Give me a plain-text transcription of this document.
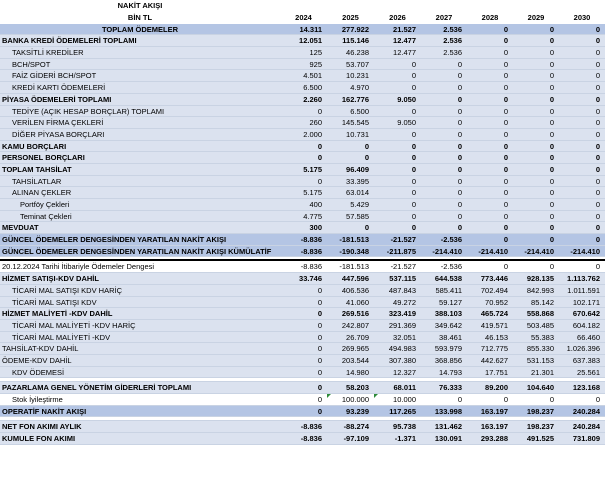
NAKİT AKIŞI
BİN TL	2024	2025	2026	2027	2028	2029	2030
TOPLAM ÖDEMELER	14.311	277.922	21.527	2.536	0	0	0
BANKA KREDİ ÖDEMELERİ TOPLAMI	12.051	115.146	12.477	2.536	0	0	0
TAKSİTLİ KREDİLER	125	46.238	12.477	2.536	0	0	0
BCH/SPOT	925	53.707	0	0	0	0	0
FAİZ GİDERİ BCH/SPOT	4.501	10.231	0	0	0	0	0
KREDİ KARTI ÖDEMELERİ	6.500	4.970	0	0	0	0	0
PİYASA ÖDEMELERİ TOPLAMI	2.260	162.776	9.050	0	0	0	0
TEDİYE (AÇIK HESAP BORÇLAR) TOPLAMI	0	6.500	0	0	0	0	0
VERİLEN FİRMA ÇEKLERİ	260	145.545	9.050	0	0	0	0
DİĞER PİYASA BORÇLARI	2.000	10.731	0	0	0	0	0
KAMU BORÇLARI	0	0	0	0	0	0	0
PERSONEL BORÇLARI	0	0	0	0	0	0	0
TOPLAM TAHSİLAT	5.175	96.409	0	0	0	0	0
TAHSİLATLAR	0	33.395	0	0	0	0	0
ALINAN ÇEKLER	5.175	63.014	0	0	0	0	0
Portföy Çekleri	400	5.429	0	0	0	0	0
Teminat Çekleri	4.775	57.585	0	0	0	0	0
MEVDUAT	300	0	0	0	0	0	0
GÜNCEL ÖDEMELER DENGESİNDEN YARATILAN NAKİT AKIŞI	-8.836	-181.513	-21.527	-2.536	0	0	0
GÜNCEL ÖDEMELER DENGESİNDEN YARATILAN NAKİT AKIŞI KÜMÜLATİF	-8.836	-190.348	-211.875	-214.410	-214.410	-214.410	-214.410
20.12.2024 Tarihi İtibariyle Ödemeler Dengesi	-8.836	-181.513	-21.527	-2.536	0	0	0
HİZMET SATIŞI-KDV DAHİL	33.746	447.596	537.115	644.538	773.446	928.135	1.113.762
TİCARİ MAL SATIŞI KDV HARİÇ	0	406.536	487.843	585.411	702.494	842.993	1.011.591
TİCARİ MAL SATIŞI KDV	0	41.060	49.272	59.127	70.952	85.142	102.171
HİZMET MALİYETİ -KDV DAHİL	0	269.516	323.419	388.103	465.724	558.868	670.642
TİCARİ MAL MALİYETİ -KDV HARİÇ	0	242.807	291.369	349.642	419.571	503.485	604.182
TİCARİ MAL MALİYETİ -KDV	0	26.709	32.051	38.461	46.153	55.383	66.460
TAHSİLAT-KDV DAHİL	0	269.965	494.983	593.979	712.775	855.330	1.026.396
ÖDEME-KDV DAHİL	0	203.544	307.380	368.856	442.627	531.153	637.383
KDV ÖDEMESİ	0	14.980	12.327	14.793	17.751	21.301	25.561
PAZARLAMA GENEL YÖNETİM GİDERLERİ TOPLAMI	0	58.203	68.011	76.333	89.200	104.640	123.168
Stok İyileştirme	0	100.000	10.000	0	0	0	0
OPERATİF NAKİT AKIŞI	0	93.239	117.265	133.998	163.197	198.237	240.284
NET FON AKIMI AYLIK	-8.836	-88.274	95.738	131.462	163.197	198.237	240.284
KUMULE FON AKIMI	-8.836	-97.109	-1.371	130.091	293.288	491.525	731.809
